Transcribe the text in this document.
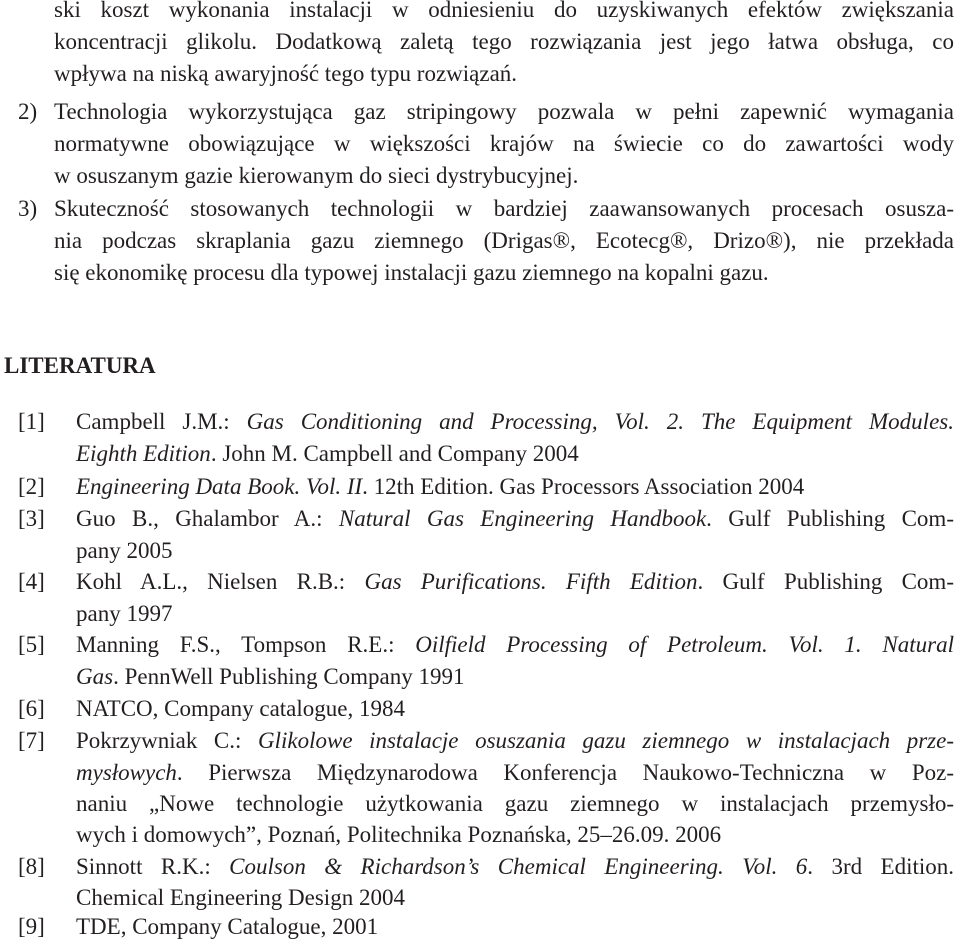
ski koszt wykonania instalacji w odniesieniu do uzyskiwanych efektów zwiększania
koncentracji glikolu. Dodatkową zaletą tego rozwiązania jest jego łatwa obsługa, co
wpływa na niską awaryjność tego typu rozwiązań.
2) Technologia wykorzystująca gaz stripingowy pozwala w pełni zapewnić wymagania
normatywne obowiązujące w większości krajów na świecie co do zawartości wody
w osuszanym gazie kierowanym do sieci dystrybucyjnej.
3) Skuteczność stosowanych technologii w bardziej zaawansowanych procesach osusza-
nia podczas skraplania gazu ziemnego (Drigas®, Ecotecg®, Drizo®), nie przekłada
się ekonomikę procesu dla typowej instalacji gazu ziemnego na kopalni gazu.
LITERATURA
[1] Campbell J.M.: Gas Conditioning and Processing, Vol. 2. The Equipment Modules.
Eighth Edition. John M. Campbell and Company 2004
[2] Engineering Data Book. Vol. II. 12th Edition. Gas Processors Association 2004
[3] Guo B., Ghalambor A.: Natural Gas Engineering Handbook. Gulf Publishing Com-
pany 2005
[4] Kohl A.L., Nielsen R.B.: Gas Purifications. Fifth Edition. Gulf Publishing Com-
pany 1997
[5] Manning F.S., Tompson R.E.: Oilfield Processing of Petroleum. Vol. 1. Natural
Gas. PennWell Publishing Company 1991
[6] NATCO, Company catalogue, 1984
[7] Pokrzywniak C.: Glikolowe instalacje osuszania gazu ziemnego w instalacjach prze-
mysłowych. Pierwsza Międzynarodowa Konferencja Naukowo-Techniczna w Poz-
naniu „Nowe technologie użytkowania gazu ziemnego w instalacjach przemysło-
wych i domowych”, Poznań, Politechnika Poznańska, 25–26.09. 2006
[8] Sinnott R.K.: Coulson & Richardson’s Chemical Engineering. Vol. 6. 3rd Edition.
Chemical Engineering Design 2004
[9] TDE, Company Catalogue, 2001
